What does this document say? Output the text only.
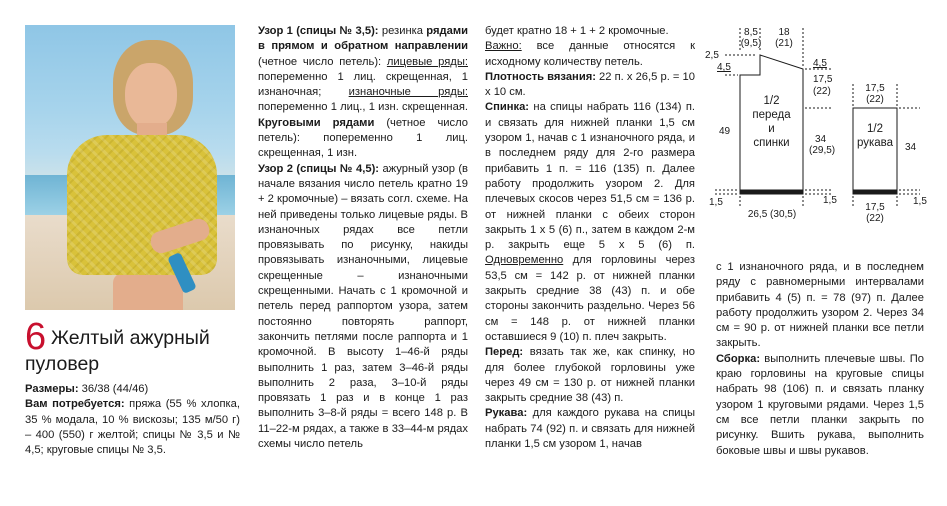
6 Желтый ажурный
пуловер

Размеры: 36/38 (44/46)

Вам потребуется: пряжа (55 % хлопка, 35 % модала, 10 % вискозы; 135 м/50 г) – 400 (550) г желтой; спицы № 3,5 и № 4,5; круговые спицы № 3,5.

Узор 1 (спицы № 3,5): резинка рядами в прямом и обратном направлении (четное число петель): лицевые ряды: попеременно 1 лиц. скрещенная, 1 изнаночная; изнаночные ряды: попеременно 1 лиц., 1 изн. скрещенная. Круговыми рядами (четное число петель): попеременно 1 лиц. скрещенная, 1 изн.

Узор 2 (спицы № 4,5): ажурный узор (в начале вязания число петель кратно 19 + 2 кромочные) – вязать согл. схеме. На ней приведены только лицевые ряды. В изнаночных рядах все петли провязывать по рисунку, накиды провязывать изнаночными, лицевые скрещенные – изнаночными скрещенными. Начать с 1 кромочной и петель перед раппортом узора, затем постоянно повторять раппорт, закончить петлями после раппорта и 1 кромочной. В высоту 1–46-й ряды выполнить 1 раз, затем 3–46-й ряды выполнить 2 раза, 3–10-й ряды провязать 1 раз и в конце 1 раз выполнить 3–8-й ряды = всего 148 р. В 11–22-м рядах, а также в 33–44-м рядах схемы число петель

будет кратно 18 + 1 + 2 кромочные.

Важно: все данные относятся к исходному количеству петель.

Плотность вязания: 22 п. х 26,5 р. = 10 х 10 см.

Спинка: на спицы набрать 116 (134) п. и связать для нижней планки 1,5 см узором 1, начав с 1 изнаночного ряда, и в последнем ряду для 2-го размера прибавить 1 п. = 116 (135) п. Далее работу продолжить узором 2. Для плечевых скосов через 51,5 см = 136 р. от нижней планки с обеих сторон закрыть 1 х 5 (6) п., затем в каждом 2-м р. закрыть еще 5 х 5 (6) п. Одновременно для горловины через 53,5 см = 142 р. от нижней планки закрыть средние 38 (43) п. и обе стороны закончить раздельно. Через 56 см = 148 р. от нижней планки оставшиеся 9 (10) п. плеч закрыть.

Перед: вязать так же, как спинку, но для более глубокой горловины уже через 49 см = 130 р. от нижней планки закрыть средние 38 (43) п.

Рукава: для каждого рукава на спицы набрать 74 (92) п. и связать для нижней планки 1,5 см узором 1, начав

с 1 изнаночного ряда, и в последнем ряду с равномерными интервалами прибавить 4 (5) п. = 78 (97) п. Далее работу продолжить узором 2. Через 34 см = 90 р. от нижней планки все петли закрыть.

Сборка: выполнить плечевые швы. По краю горловины на круговые спицы набрать 98 (106) п. и связать планку узором 1 круговыми рядами. Через 1,5 см все петли планки закрыть по рисунку. Вшить рукава, выполнить боковые швы и швы рукавов.

8,5
(9,5)
18
(21)
2,5
4,5	4,5
17,5
(22)
49
34
(29,5)
1,5	1,5
26,5 (30,5)
1/2
переда
и
спинки
17,5
(22)
1/2
рукава	34
1,5
17,5
(22)
